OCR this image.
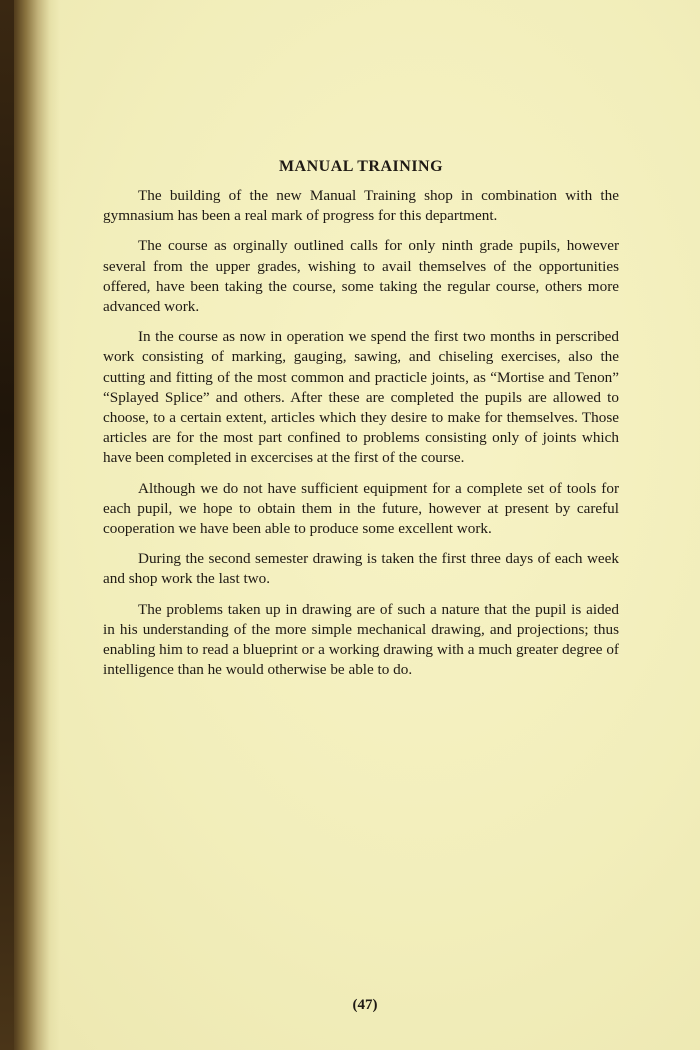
MANUAL TRAINING

The building of the new Manual Training shop in combination with the gymnasium has been a real mark of progress for this department.

The course as orginally outlined calls for only ninth grade pupils, however several from the upper grades, wishing to avail themselves of the opportunities offered, have been taking the course, some taking the regular course, others more advanced work.

In the course as now in operation we spend the first two months in perscribed work consisting of marking, gauging, sawing, and chiseling exercises, also the cutting and fitting of the most common and practicle joints, as “Mortise and Tenon” “Splayed Splice” and others. After these are completed the pupils are allowed to choose, to a certain extent, articles which they desire to make for themselves. Those articles are for the most part confined to problems consisting only of joints which have been completed in excercises at the first of the course.

Although we do not have sufficient equipment for a complete set of tools for each pupil, we hope to obtain them in the future, however at present by careful cooperation we have been able to produce some excellent work.

During the second semester drawing is taken the first three days of each week and shop work the last two.

The problems taken up in drawing are of such a nature that the pupil is aided in his understanding of the more simple mechanical drawing, and projections; thus enabling him to read a blueprint or a working drawing with a much greater degree of intelligence than he would otherwise be able to do.

(47)
